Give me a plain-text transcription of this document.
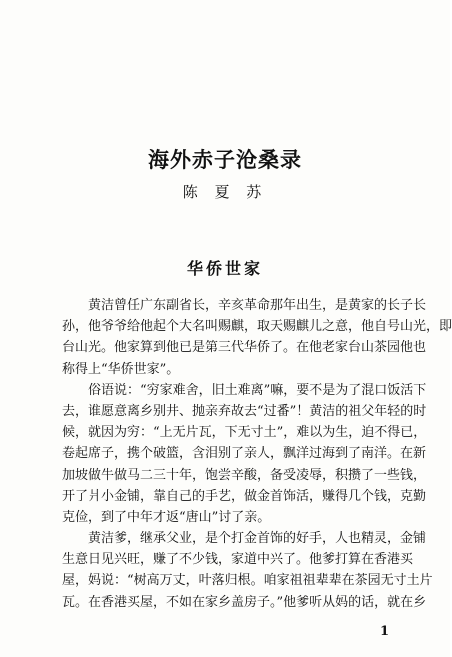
海外赤子沧桑录
陈 夏 苏
华侨世家
黄洁曾任广东副省长，辛亥革命那年出生，是黄家的长子长
孙，他爷爷给他起个大名叫赐麒，取天赐麒儿之意，他自号山光，即
台山光。他家算到他已是第三代华侨了。在他老家台山茶园他也
称得上“华侨世家”。
俗语说：“穷家难舍，旧土难离”嘛，要不是为了混口饭活下
去，谁愿意离乡别井、抛亲弃故去“过番”！黄洁的祖父年轻的时
候，就因为穷：“上无片瓦，下无寸土”，难以为生，迫不得已，
卷起席子，携个破篮，含泪别了亲人，飘洋过海到了南洋。在新
加坡做牛做马二三十年，饱尝辛酸，备受凌辱，积攒了一些钱，
开了爿小金铺，靠自己的手艺，做金首饰活，赚得几个钱，克勤
克俭，到了中年才返“唐山”讨了亲。
黄洁爹，继承父业，是个打金首饰的好手，人也精灵，金铺
生意日见兴旺，赚了不少钱，家道中兴了。他爹打算在香港买
屋，妈说：“树高万丈，叶落归根。咱家祖祖辈辈在茶园无寸土片
瓦。在香港买屋，不如在家乡盖房子。”他爹听从妈的话，就在乡
1
